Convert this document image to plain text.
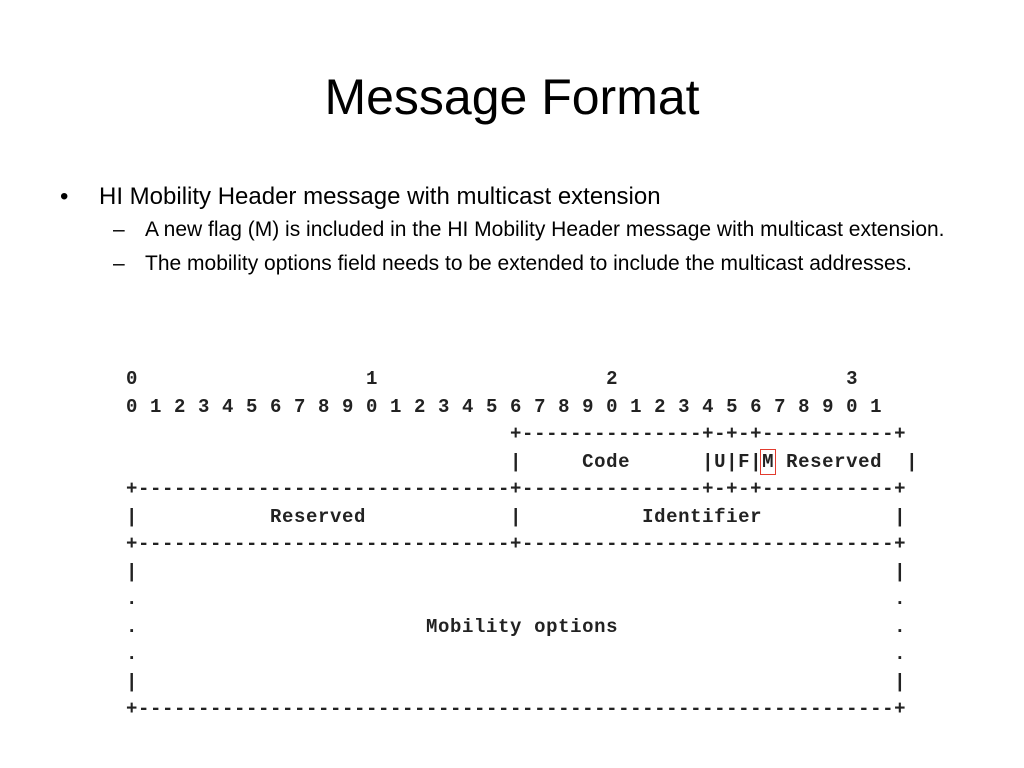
Message Format
• HI Mobility Header message with multicast extension
– A new flag (M) is included in the HI Mobility Header message with multicast extension.
– The mobility options field needs to be extended to include the multicast addresses.
0                   1                   2                   3
0 1 2 3 4 5 6 7 8 9 0 1 2 3 4 5 6 7 8 9 0 1 2 3 4 5 6 7 8 9 0 1
+---------------+-+-+-----------+
|     Code      |U|F|M Reserved  |
+-------------------------------+---------------+-+-+-----------+
|           Reserved            |          Identifier           |
+-------------------------------+-------------------------------+
|                                                               |
.                                                               .
.                        Mobility options                       .
.                                                               .
|                                                               |
+---------------------------------------------------------------+
